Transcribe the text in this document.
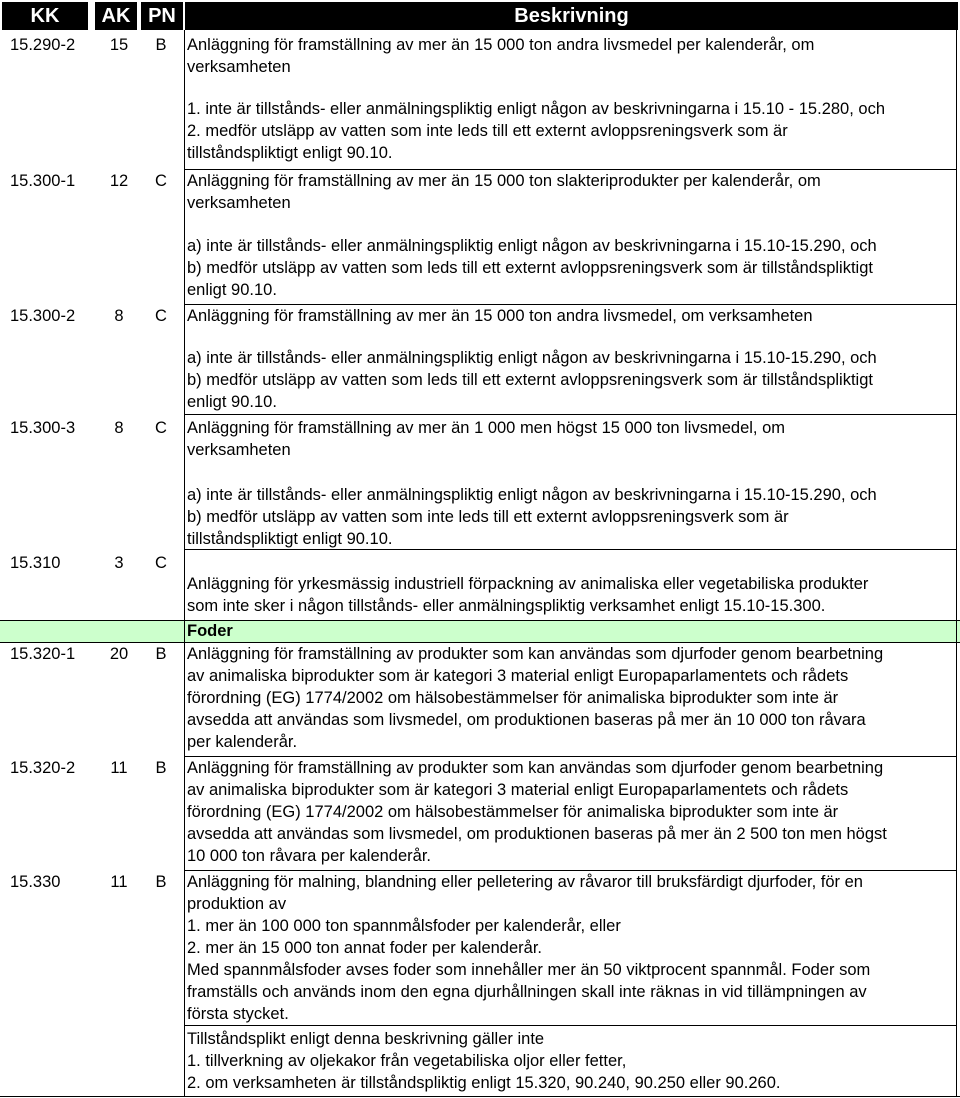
KK	AK PN	Beskrivning
15.290-2	15	B	Anläggning för framställning av mer än 15 000 ton andra livsmedel per kalenderår, om
verksamheten
1. inte är tillstånds- eller anmälningspliktig enligt någon av beskrivningarna i 15.10 - 15.280, och
2. medför utsläpp av vatten som inte leds till ett externt avloppsreningsverk som är
tillståndspliktigt enligt 90.10.
15.300-1	12	C	Anläggning för framställning av mer än 15 000 ton slakteriprodukter per kalenderår, om
verksamheten
a) inte är tillstånds- eller anmälningspliktig enligt någon av beskrivningarna i 15.10-15.290, och
b) medför utsläpp av vatten som leds till ett externt avloppsreningsverk som är tillståndspliktigt
enligt 90.10.
15.300-2	8	C	Anläggning för framställning av mer än 15 000 ton andra livsmedel, om verksamheten
a) inte är tillstånds- eller anmälningspliktig enligt någon av beskrivningarna i 15.10-15.290, och
b) medför utsläpp av vatten som leds till ett externt avloppsreningsverk som är tillståndspliktigt
enligt 90.10.
15.300-3	8	C	Anläggning för framställning av mer än 1 000 men högst 15 000 ton livsmedel, om
verksamheten
a) inte är tillstånds- eller anmälningspliktig enligt någon av beskrivningarna i 15.10-15.290, och
b) medför utsläpp av vatten som inte leds till ett externt avloppsreningsverk som är
tillståndspliktigt enligt 90.10.
15.310	3	C
Anläggning för yrkesmässig industriell förpackning av animaliska eller vegetabiliska produkter
som inte sker i någon tillstånds- eller anmälningspliktig verksamhet enligt 15.10-15.300.
Foder
15.320-1	20	B	Anläggning för framställning av produkter som kan användas som djurfoder genom bearbetning
av animaliska biprodukter som är kategori 3 material enligt Europaparlamentets och rådets
förordning (EG) 1774/2002 om hälsobestämmelser för animaliska biprodukter som inte är
avsedda att användas som livsmedel, om produktionen baseras på mer än 10 000 ton råvara
per kalenderår.
15.320-2	11	B	Anläggning för framställning av produkter som kan användas som djurfoder genom bearbetning
av animaliska biprodukter som är kategori 3 material enligt Europaparlamentets och rådets
förordning (EG) 1774/2002 om hälsobestämmelser för animaliska biprodukter som inte är
avsedda att användas som livsmedel, om produktionen baseras på mer än 2 500 ton men högst
10 000 ton råvara per kalenderår.
15.330	11	B	Anläggning för malning, blandning eller pelletering av råvaror till bruksfärdigt djurfoder, för en
produktion av
1. mer än 100 000 ton spannmålsfoder per kalenderår, eller
2. mer än 15 000 ton annat foder per kalenderår.
Med spannmålsfoder avses foder som innehåller mer än 50 viktprocent spannmål. Foder som
framställs och används inom den egna djurhållningen skall inte räknas in vid tillämpningen av
första stycket.
Tillståndsplikt enligt denna beskrivning gäller inte
1. tillverkning av oljekakor från vegetabiliska oljor eller fetter,
2. om verksamheten är tillståndspliktig enligt 15.320, 90.240, 90.250 eller 90.260.
